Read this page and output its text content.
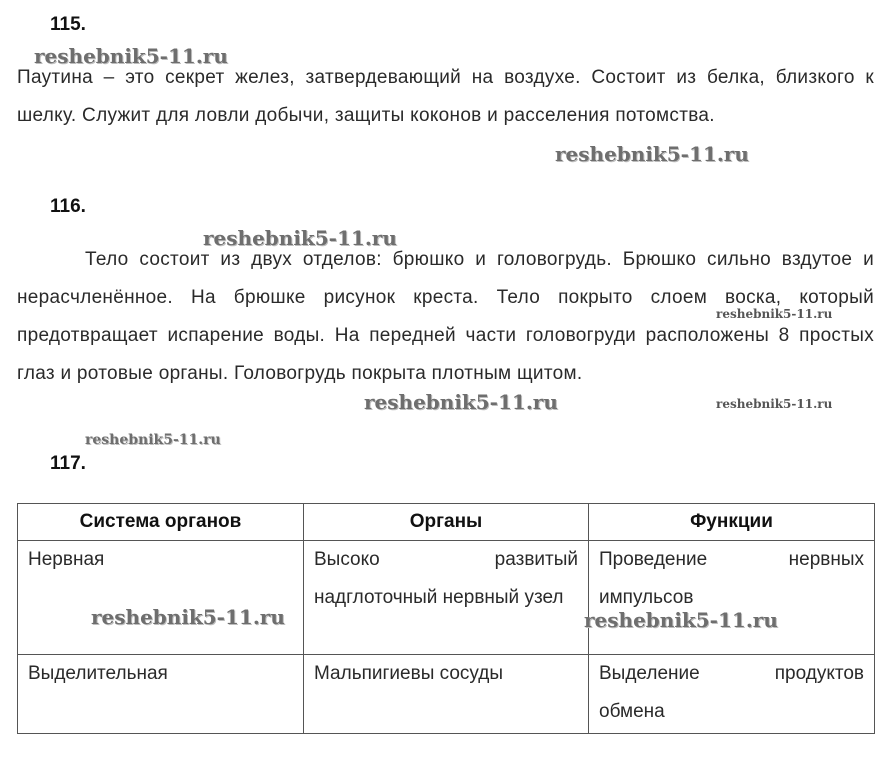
115.
Паутина – это секрет желез, затвердевающий на воздухе. Состоит из белка, близкого к шелку. Служит для ловли добычи, защиты коконов и расселения потомства.
116.
Тело состоит из двух отделов: брюшко и головогрудь. Брюшко сильно вздутое и нерасчленённое. На брюшке рисунок креста. Тело покрыто слоем воска, который предотвращает испарение воды. На передней части головогруди расположены 8 простых глаз и ротовые органы. Головогрудь покрыта плотным щитом.
117.
Система органов	Органы	Функции
Нервная	Высоко развитый надглоточный нервный узел	Проведение нервных импульсов
Выделительная	Мальпигиевы сосуды	Выделение продуктов обмена
reshebnik5-11.ru
reshebnik5-11.ru
reshebnik5-11.ru
reshebnik5-11.ru
reshebnik5-11.ru	reshebnik5-11.ru
reshebnik5-11.ru
reshebnik5-11.ru	reshebnik5-11.ru
